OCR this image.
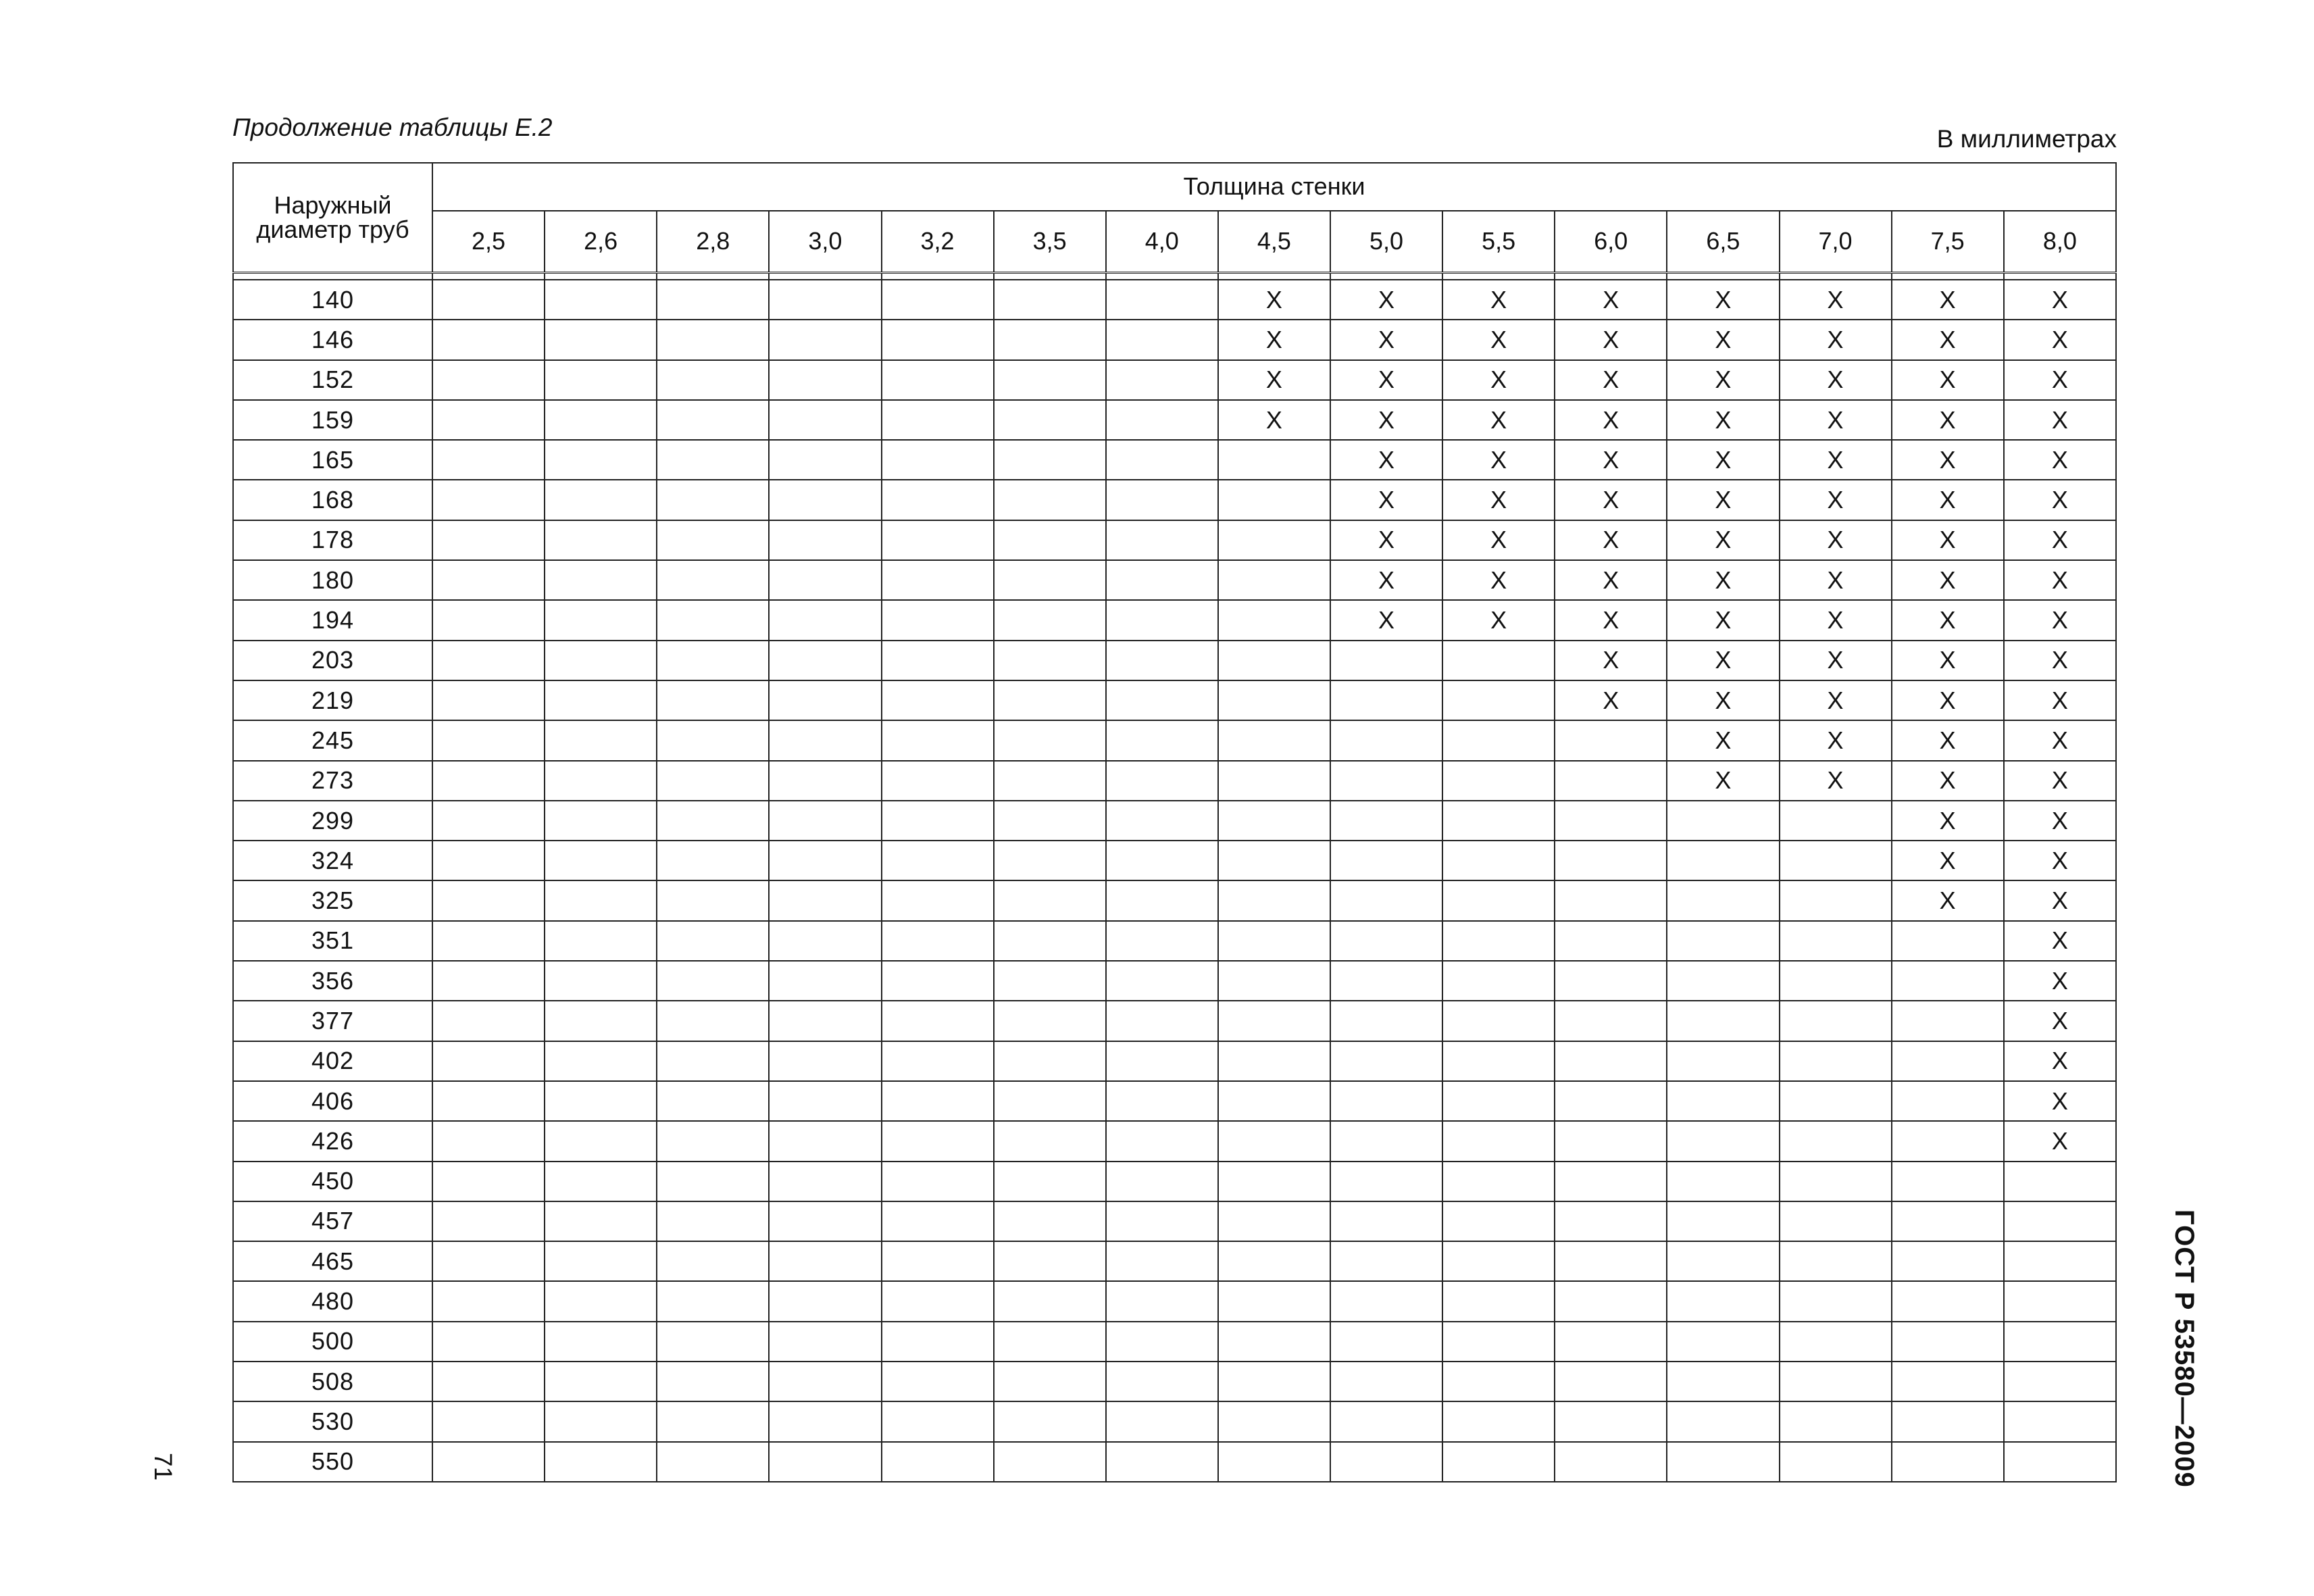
Продолжение таблицы Е.2	В миллиметрах
Наружный диаметр труб	Толщина стенки														
	2,5	2,6	2,8	3,0	3,2	3,5	4,0	4,5	5,0	5,5	6,0	6,5	7,0	7,5	8,0

140								X	X	X	X	X	X	X	X
146								X	X	X	X	X	X	X	X
152								X	X	X	X	X	X	X	X
159								X	X	X	X	X	X	X	X
165									X	X	X	X	X	X	X
168									X	X	X	X	X	X	X
178									X	X	X	X	X	X	X
180									X	X	X	X	X	X	X
194									X	X	X	X	X	X	X
203											X	X	X	X	X
219											X	X	X	X	X
245												X	X	X	X
273												X	X	X	X
299														X	X
324														X	X
325														X	X
351															X
356															X
377															X
402															X
406															X
426															X
450															
457															
465															
480															
500															
508															
530															
550															
71	ГОСТ Р 53580—2009
